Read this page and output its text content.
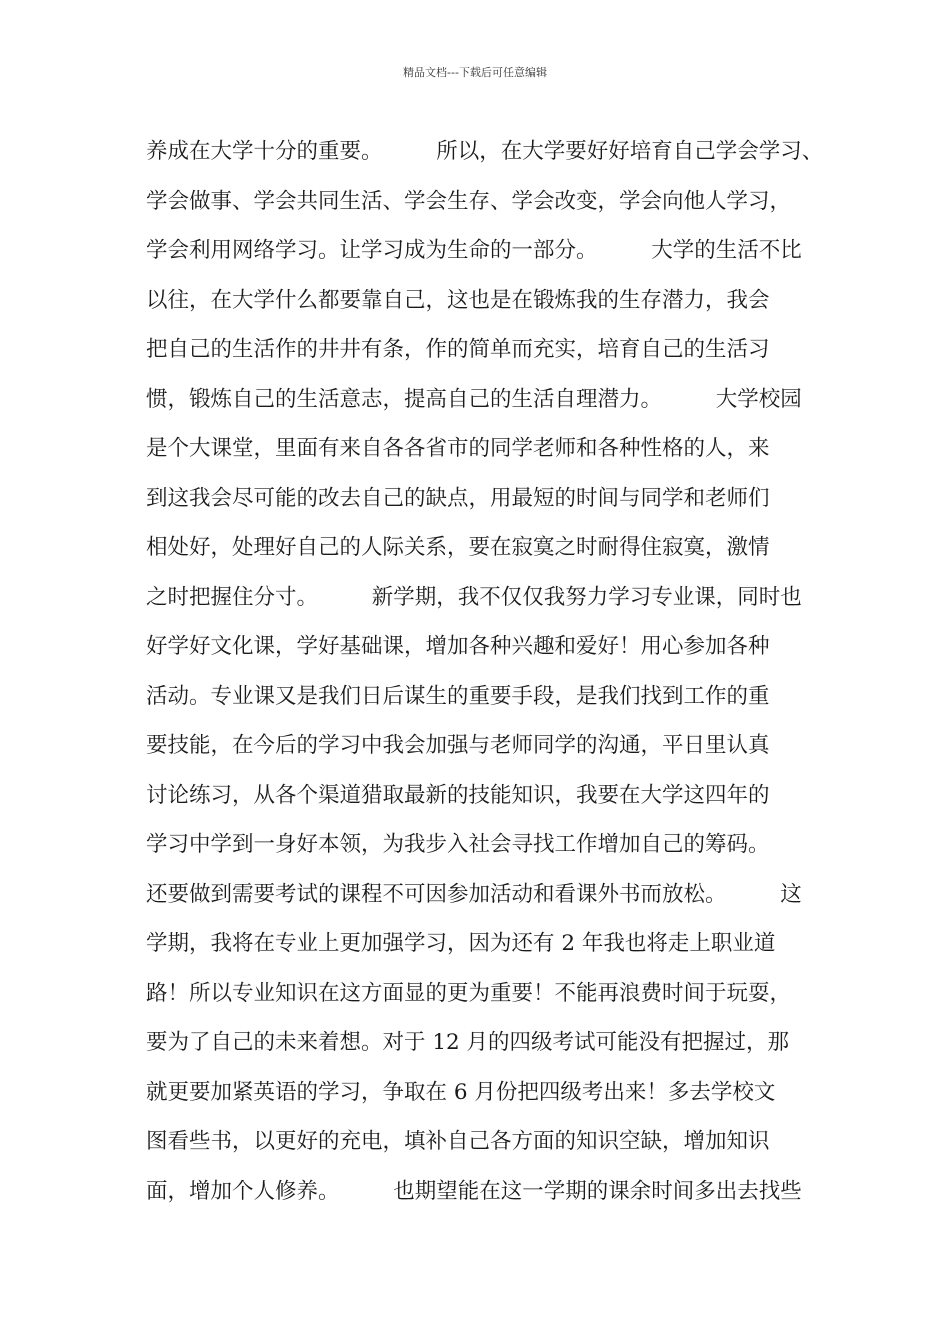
精品文档---下载后可任意编辑
养成在大学十分的重要。　　　所以，在大学要好好培育自己学会学习、
学会做事、学会共同生活、学会生存、学会改变，学会向他人学习，
学会利用网络学习。让学习成为生命的一部分。　　　大学的生活不比
以往，在大学什么都要靠自己，这也是在锻炼我的生存潜力，我会
把自己的生活作的井井有条，作的简单而充实，培育自己的生活习
惯，锻炼自己的生活意志，提高自己的生活自理潜力。　　　大学校园
是个大课堂，里面有来自各各省市的同学老师和各种性格的人，来
到这我会尽可能的改去自己的缺点，用最短的时间与同学和老师们
相处好，处理好自己的人际关系，要在寂寞之时耐得住寂寞，激情
之时把握住分寸。　　　新学期，我不仅仅我努力学习专业课，同时也
好学好文化课，学好基础课，增加各种兴趣和爱好！用心参加各种
活动。专业课又是我们日后谋生的重要手段，是我们找到工作的重
要技能，在今后的学习中我会加强与老师同学的沟通，平日里认真
讨论练习，从各个渠道猎取最新的技能知识，我要在大学这四年的
学习中学到一身好本领，为我步入社会寻找工作增加自己的筹码。
还要做到需要考试的课程不可因参加活动和看课外书而放松。　　　这
学期，我将在专业上更加强学习，因为还有 2 年我也将走上职业道
路！所以专业知识在这方面显的更为重要！不能再浪费时间于玩耍，
要为了自己的未来着想。对于 12 月的四级考试可能没有把握过，那
就更要加紧英语的学习，争取在 6 月份把四级考出来！多去学校文
图看些书，以更好的充电，填补自己各方面的知识空缺，增加知识
面，增加个人修养。　　　也期望能在这一学期的课余时间多出去找些
